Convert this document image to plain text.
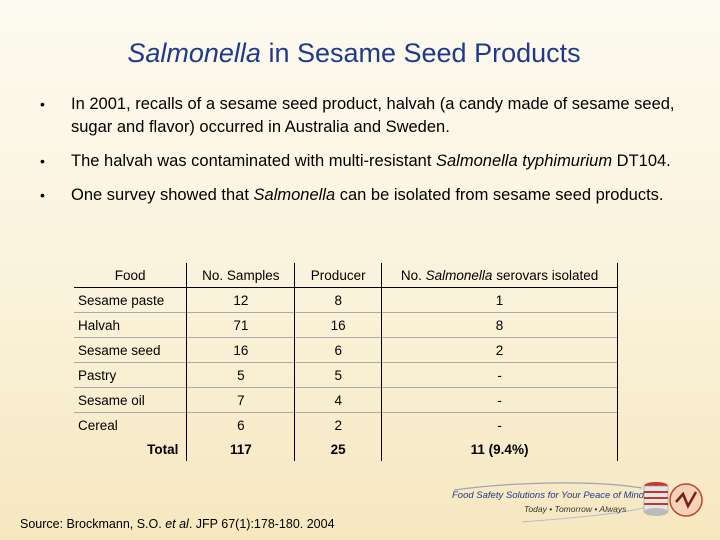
Salmonella in Sesame Seed Products
• In 2001, recalls of a sesame seed product, halvah (a candy made of sesame seed, sugar and flavor) occurred in Australia and Sweden.
• The halvah was contaminated with multi-resistant Salmonella typhimurium DT104.
• One survey showed that Salmonella can be isolated from sesame seed products.
Food	No. Samples	Producer	No. Salmonella serovars isolated
Sesame paste	12	8	1
Halvah	71	16	8
Sesame seed	16	6	2
Pastry	5	5	-
Sesame oil	7	4	-
Cereal	6	2	-
Total	117	25	11 (9.4%)
Source: Brockmann, S.O. et al. JFP 67(1):178-180. 2004
Food Safety Solutions for Your Peace of Mind
Today • Tomorrow • Always
